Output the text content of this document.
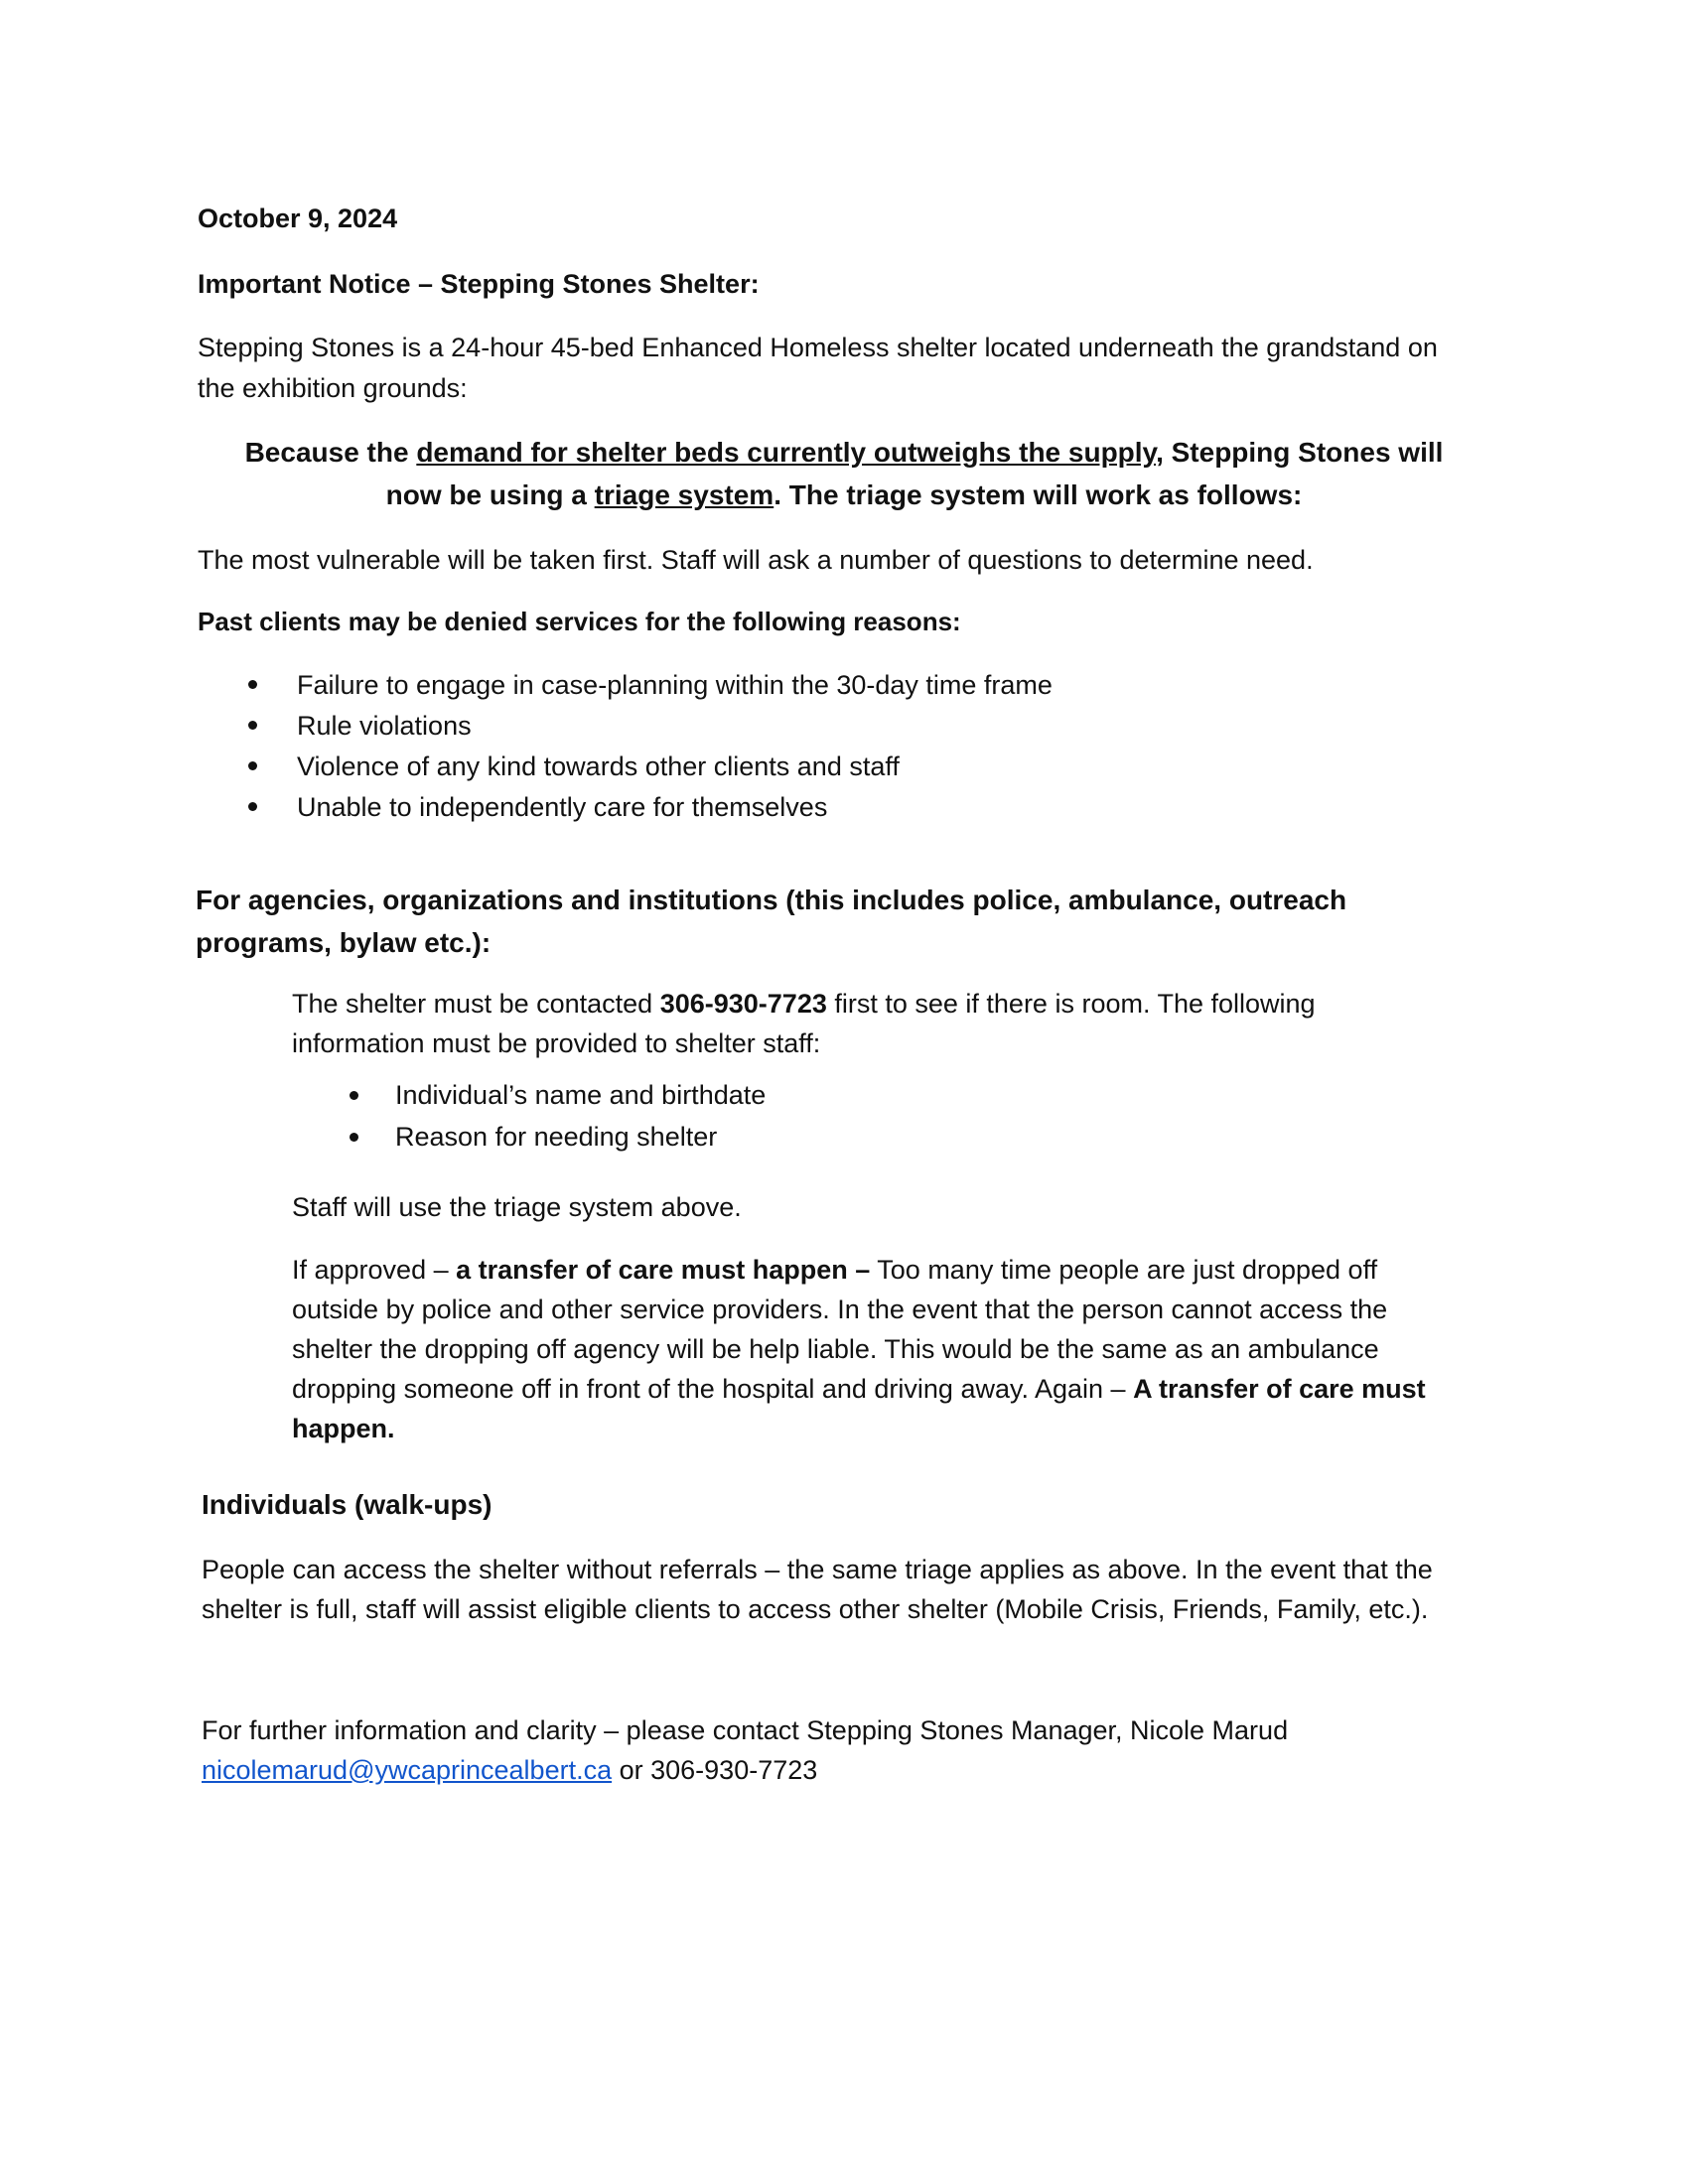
October 9, 2024

Important Notice – Stepping Stones Shelter:

Stepping Stones is a 24-hour 45-bed Enhanced Homeless shelter located underneath the grandstand on

the exhibition grounds:

Because the demand for shelter beds currently outweighs the supply, Stepping Stones will

now be using a triage system. The triage system will work as follows:

The most vulnerable will be taken first. Staff will ask a number of questions to determine need.

Past clients may be denied services for the following reasons:

Failure to engage in case-planning within the 30-day time frame

Rule violations

Violence of any kind towards other clients and staff

Unable to independently care for themselves

For agencies, organizations and institutions (this includes police, ambulance, outreach

programs, bylaw etc.):

The shelter must be contacted 306-930-7723 first to see if there is room. The following

information must be provided to shelter staff:

Individual’s name and birthdate

Reason for needing shelter

Staff will use the triage system above.

If approved – a transfer of care must happen – Too many time people are just dropped off

outside by police and other service providers. In the event that the person cannot access the

shelter the dropping off agency will be help liable. This would be the same as an ambulance

dropping someone off in front of the hospital and driving away. Again – A transfer of care must

happen.

Individuals (walk-ups)

People can access the shelter without referrals – the same triage applies as above. In the event that the

shelter is full, staff will assist eligible clients to access other shelter (Mobile Crisis, Friends, Family, etc.).

For further information and clarity – please contact Stepping Stones Manager, Nicole Marud

nicolemarud@ywcaprincealbert.ca or 306-930-7723
